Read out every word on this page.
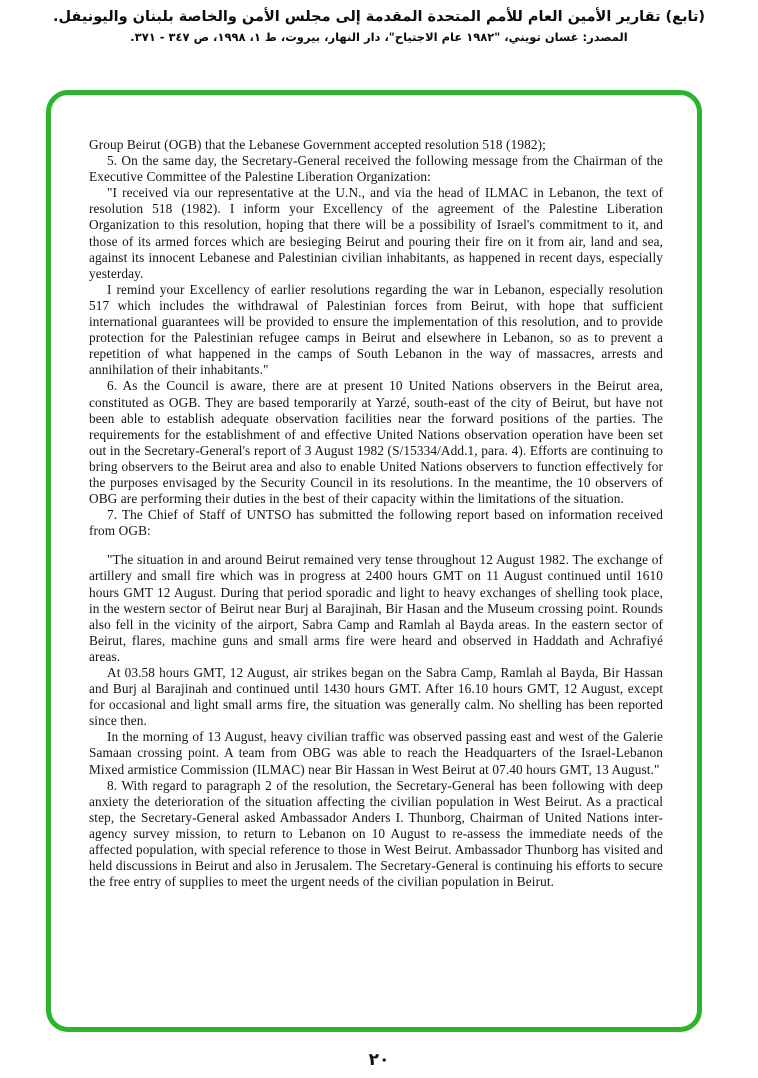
(تابع) تقارير الأمين العام للأمم المتحدة المقدمة إلى مجلس الأمن والخاصة بلبنان واليونيفل.
المصدر: غسان تويني، "١٩٨٢ عام الاجتياح"، دار النهار، بيروت، ط ١، ١٩٩٨، ص ٣٤٧ - ٣٧١.

Group Beirut (OGB) that the Lebanese Government accepted resolution 518 (1982);

5. On the same day, the Secretary-General received the following message from the Chairman of the Executive Committee of the Palestine Liberation Organization:

"I received via our representative at the U.N., and via the head of ILMAC in Lebanon, the text of resolution 518 (1982). I inform your Excellency of the agreement of the Palestine Liberation Organization to this resolution, hoping that there will be a possibility of Israel's commitment to it, and those of its armed forces which are besieging Beirut and pouring their fire on it from air, land and sea, against its innocent Lebanese and Palestinian civilian inhabitants, as happened in recent days, especially yesterday.

I remind your Excellency of earlier resolutions regarding the war in Lebanon, especially resolution 517 which includes the withdrawal of Palestinian forces from Beirut, with hope that sufficient international guarantees will be provided to ensure the implementation of this resolution, and to provide protection for the Palestinian refugee camps in Beirut and elsewhere in Lebanon, so as to prevent a repetition of what happened in the camps of South Lebanon in the way of massacres, arrests and annihilation of their inhabitants."

6. As the Council is aware, there are at present 10 United Nations observers in the Beirut area, constituted as OGB. They are based temporarily at Yarzé, south-east of the city of Beirut, but have not been able to establish adequate observation facilities near the forward positions of the parties. The requirements for the establishment of and effective United Nations observation operation have been set out in the Secretary-General's report of 3 August 1982 (S/15334/Add.1, para. 4). Efforts are continuing to bring observers to the Beirut area and also to enable United Nations observers to function effectively for the purposes envisaged by the Security Council in its resolutions. In the meantime, the 10 observers of OBG are performing their duties in the best of their capacity within the limitations of the situation.

7. The Chief of Staff of UNTSO has submitted the following report based on information received from OGB:

"The situation in and around Beirut remained very tense throughout 12 August 1982. The exchange of artillery and small fire which was in progress at 2400 hours GMT on 11 August continued until 1610 hours GMT 12 August. During that period sporadic and light to heavy exchanges of shelling took place, in the western sector of Beirut near Burj al Barajinah, Bir Hasan and the Museum crossing point. Rounds also fell in the vicinity of the airport, Sabra Camp and Ramlah al Bayda areas. In the eastern sector of Beirut, flares, machine guns and small arms fire were heard and observed in Haddath and Achrafiyé areas.

At 03.58 hours GMT, 12 August, air strikes began on the Sabra Camp, Ramlah al Bayda, Bir Hassan and Burj al Barajinah and continued until 1430 hours GMT. After 16.10 hours GMT, 12 August, except for occasional and light small arms fire, the situation was generally calm. No shelling has been reported since then.

In the morning of 13 August, heavy civilian traffic was observed passing east and west of the Galerie Samaan crossing point. A team from OBG was able to reach the Headquarters of the Israel-Lebanon Mixed armistice Commission (ILMAC) near Bir Hassan in West Beirut at 07.40 hours GMT, 13 August."

8. With regard to paragraph 2 of the resolution, the Secretary-General has been following with deep anxiety the deterioration of the situation affecting the civilian population in West Beirut. As a practical step, the Secretary-General asked Ambassador Anders I. Thunborg, Chairman of United Nations inter-agency survey mission, to return to Lebanon on 10 August to re-assess the immediate needs of the affected population, with special reference to those in West Beirut. Ambassador Thunborg has visited and held discussions in Beirut and also in Jerusalem. The Secretary-General is continuing his efforts to secure the free entry of supplies to meet the urgent needs of the civilian population in Beirut.

٢٠
